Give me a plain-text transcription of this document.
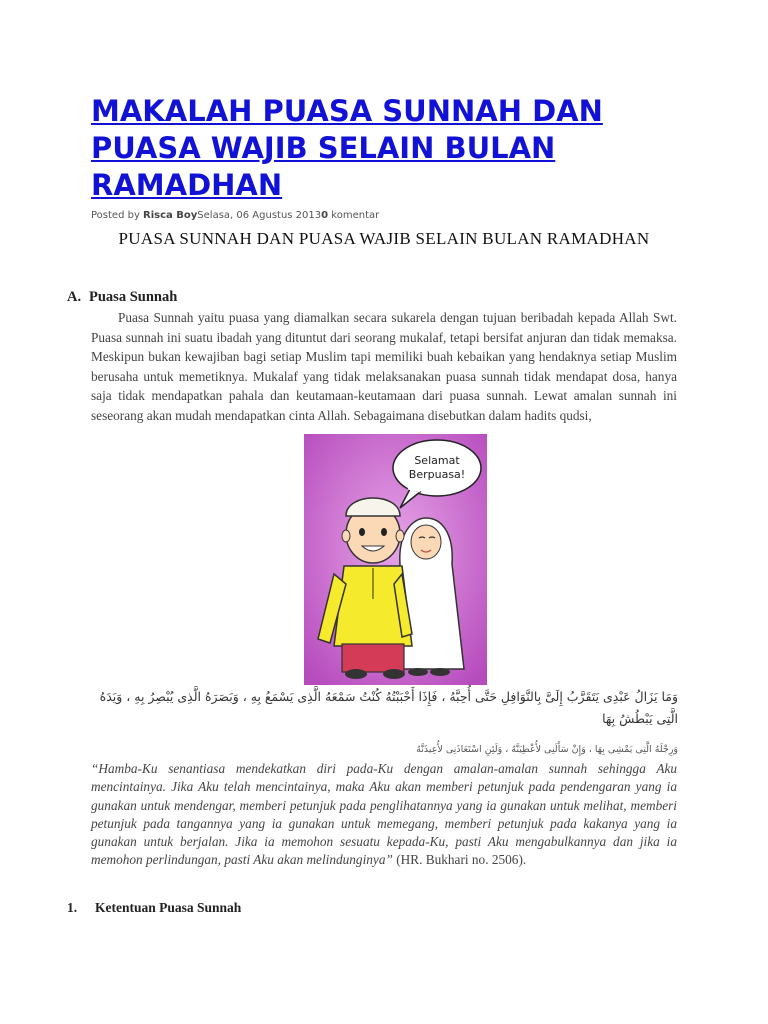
MAKALAH PUASA SUNNAH DAN PUASA WAJIB SELAIN BULAN RAMADHAN
Posted by Risca BoySelasa, 06 Agustus 20130 komentar
PUASA SUNNAH DAN PUASA WAJIB SELAIN BULAN RAMADHAN
A. Puasa Sunnah

Puasa Sunnah yaitu puasa yang diamalkan secara sukarela dengan tujuan beribadah kepada Allah Swt. Puasa sunnah ini suatu ibadah yang dituntut dari seorang mukalaf, tetapi bersifat anjuran dan tidak memaksa. Meskipun bukan kewajiban bagi setiap Muslim tapi memiliki buah kebaikan yang hendaknya setiap Muslim berusaha untuk memetiknya. Mukalaf yang tidak melaksanakan puasa sunnah tidak mendapat dosa, hanya saja tidak mendapatkan pahala dan keutamaan-keutamaan dari puasa sunnah. Lewat amalan sunnah ini seseorang akan mudah mendapatkan cinta Allah. Sebagaimana disebutkan dalam hadits qudsi,

Selamat
Berpuasa!

وَمَا يَزَالُ عَبْدِى يَتَقَرَّبُ إِلَىَّ بِالنَّوَافِلِ حَتَّى أُحِبَّهُ ، فَإِذَا أَحْبَبْتُهُ كُنْتُ سَمْعَهُ الَّذِى يَسْمَعُ بِهِ ، وَبَصَرَهُ الَّذِى يُبْصِرُ بِهِ ، وَيَدَهُ الَّتِى يَبْطُشُ بِهَا

وَرِجْلَهُ الَّتِى يَمْشِى بِهَا ، وَإِنْ سَأَلَنِى لأُعْطِيَنَّهُ ، وَلَئِنِ اسْتَعَاذَنِى لأُعِيذَنَّهُ

“Hamba-Ku senantiasa mendekatkan diri pada-Ku dengan amalan-amalan sunnah sehingga Aku mencintainya. Jika Aku telah mencintainya, maka Aku akan memberi petunjuk pada pendengaran yang ia gunakan untuk mendengar, memberi petunjuk pada penglihatannya yang ia gunakan untuk melihat, memberi petunjuk pada tangannya yang ia gunakan untuk memegang, memberi petunjuk pada kakanya yang ia gunakan untuk berjalan. Jika ia memohon sesuatu kepada-Ku, pasti Aku mengabulkannya dan jika ia memohon perlindungan, pasti Aku akan melindunginya” (HR. Bukhari no. 2506).

1. Ketentuan Puasa Sunnah
